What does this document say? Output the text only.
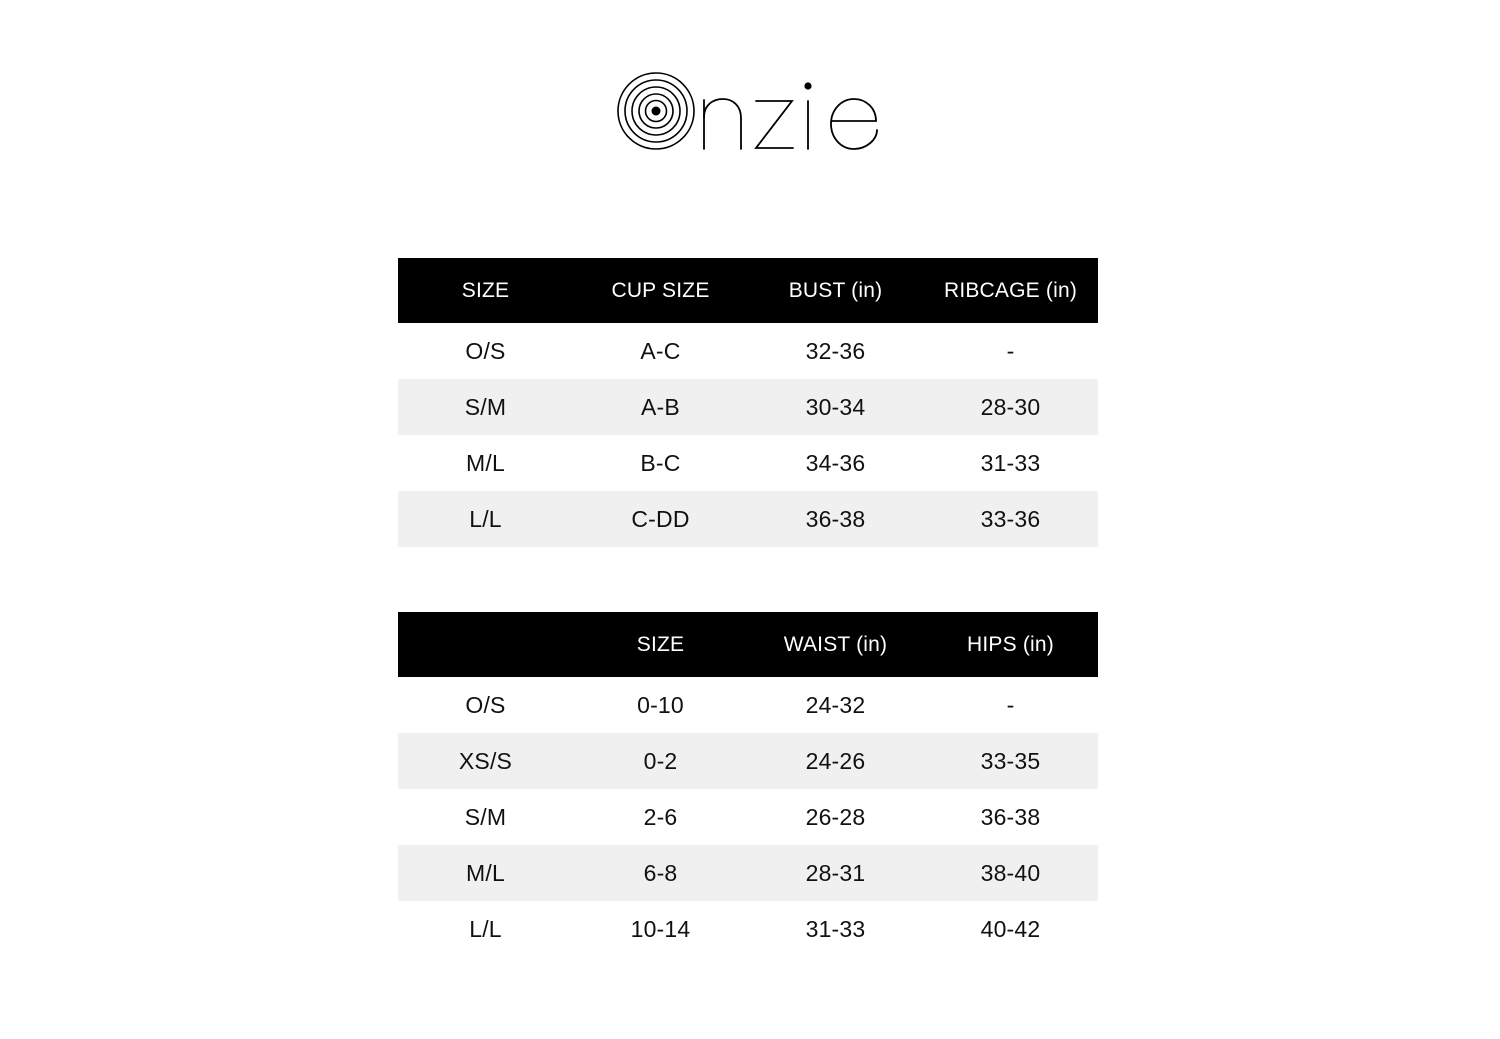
SIZE	CUP SIZE	BUST (in)	RIBCAGE (in)
O/S	A-C	32-36	-
S/M	A-B	30-34	28-30
M/L	B-C	34-36	31-33
L/L	C-DD	36-38	33-36
	SIZE	WAIST (in)	HIPS (in)
O/S	0-10	24-32	-
XS/S	0-2	24-26	33-35
S/M	2-6	26-28	36-38
M/L	6-8	28-31	38-40
L/L	10-14	31-33	40-42
